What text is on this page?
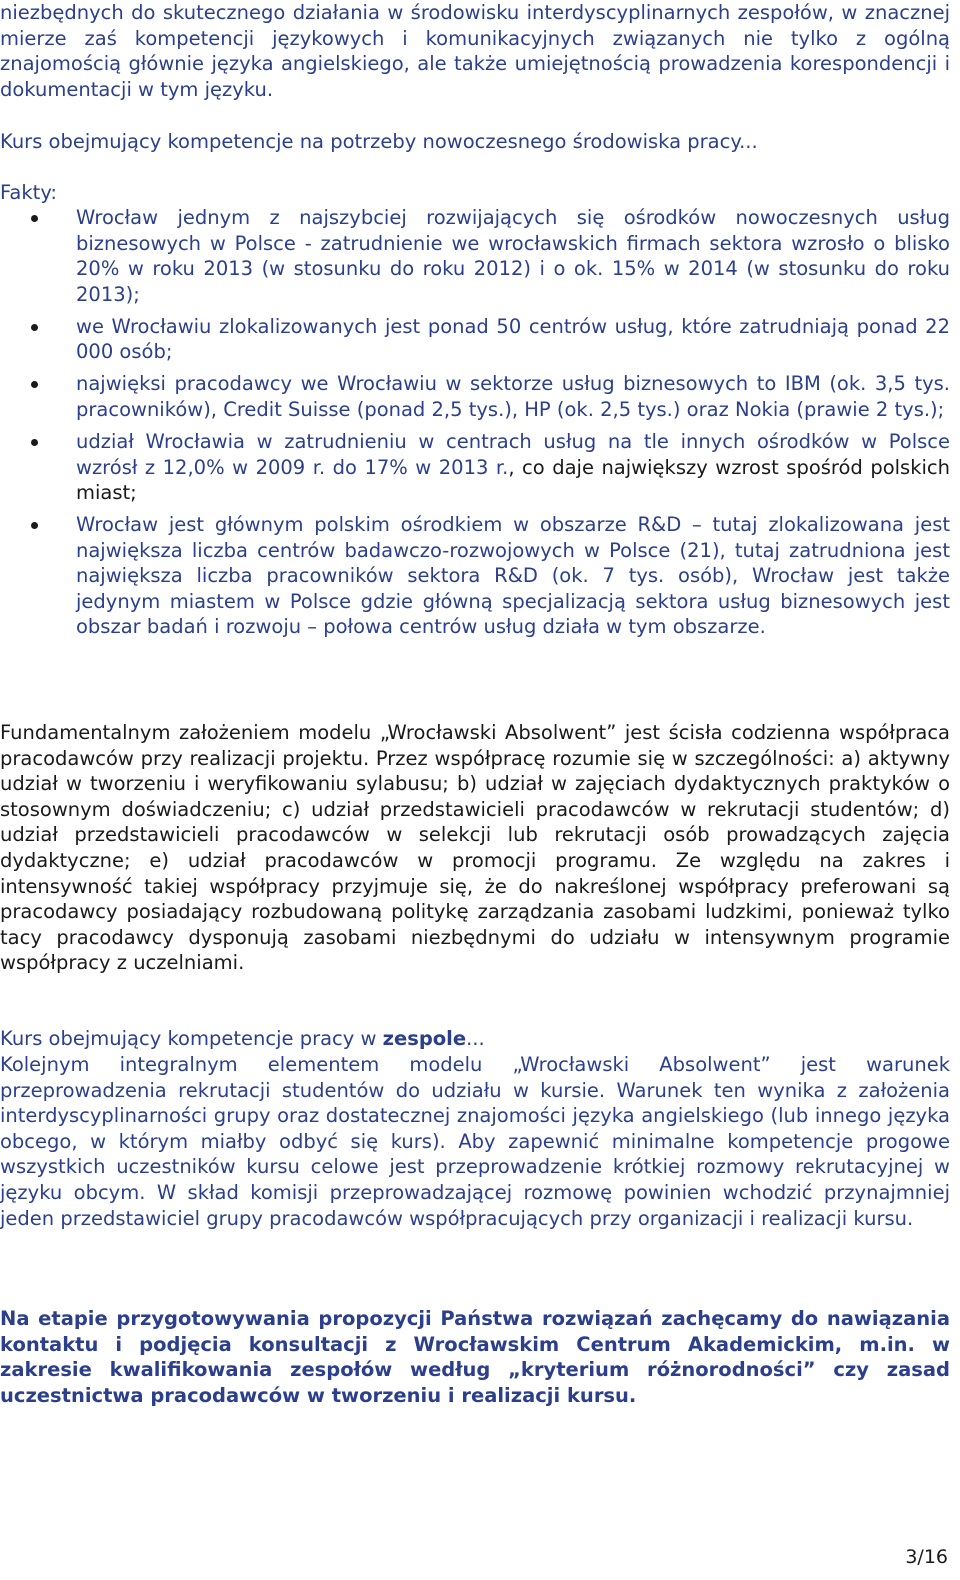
niezbędnych do skutecznego działania w środowisku interdyscyplinarnych zespołów, w znacznej mierze zaś kompetencji językowych i komunikacyjnych związanych nie tylko z ogólną znajomością głównie języka angielskiego, ale także umiejętnością prowadzenia korespondencji i dokumentacji w tym języku.

Kurs obejmujący kompetencje na potrzeby nowoczesnego środowiska pracy...

Fakty:

Wrocław jednym z najszybciej rozwijających się ośrodków nowoczesnych usług biznesowych w Polsce - zatrudnienie we wrocławskich firmach sektora wzrosło o blisko 20% w roku 2013 (w stosunku do roku 2012) i o ok. 15% w 2014 (w stosunku do roku 2013);
we Wrocławiu zlokalizowanych jest ponad 50 centrów usług, które zatrudniają ponad 22 000 osób;
najwięksi pracodawcy we Wrocławiu w sektorze usług biznesowych to IBM (ok. 3,5 tys. pracowników), Credit Suisse (ponad 2,5 tys.), HP (ok. 2,5 tys.) oraz Nokia (prawie 2 tys.);
udział Wrocławia w zatrudnieniu w centrach usług na tle innych ośrodków w Polsce wzrósł z 12,0% w 2009 r. do 17% w 2013 r., co daje największy wzrost spośród polskich miast;
Wrocław jest głównym polskim ośrodkiem w obszarze R&D – tutaj zlokalizowana jest największa liczba centrów badawczo-rozwojowych w Polsce (21), tutaj zatrudniona jest największa liczba pracowników sektora R&D (ok. 7 tys. osób), Wrocław jest także jedynym miastem w Polsce gdzie główną specjalizacją sektora usług biznesowych jest obszar badań i rozwoju – połowa centrów usług działa w tym obszarze.

Fundamentalnym założeniem modelu „Wrocławski Absolwent” jest ścisła codzienna współpraca pracodawców przy realizacji projektu. Przez współpracę rozumie się w szczególności: a) aktywny udział w tworzeniu i weryfikowaniu sylabusu; b) udział w zajęciach dydaktycznych praktyków o stosownym doświadczeniu; c) udział przedstawicieli pracodawców w rekrutacji studentów; d) udział przedstawicieli pracodawców w selekcji lub rekrutacji osób prowadzących zajęcia dydaktyczne; e) udział pracodawców w promocji programu. Ze względu na zakres i intensywność takiej współpracy przyjmuje się, że do nakreślonej współpracy preferowani są pracodawcy posiadający rozbudowaną politykę zarządzania zasobami ludzkimi, ponieważ tylko tacy pracodawcy dysponują zasobami niezbędnymi do udziału w intensywnym programie współpracy z uczelniami.

Kurs obejmujący kompetencje pracy w zespole...

Kolejnym integralnym elementem modelu „Wrocławski Absolwent” jest warunek przeprowadzenia rekrutacji studentów do udziału w kursie. Warunek ten wynika z założenia interdyscyplinarności grupy oraz dostatecznej znajomości języka angielskiego (lub innego języka obcego, w którym miałby odbyć się kurs). Aby zapewnić minimalne kompetencje progowe wszystkich uczestników kursu celowe jest przeprowadzenie krótkiej rozmowy rekrutacyjnej w języku obcym. W skład komisji przeprowadzającej rozmowę powinien wchodzić przynajmniej jeden przedstawiciel grupy pracodawców współpracujących przy organizacji i realizacji kursu.

Na etapie przygotowywania propozycji Państwa rozwiązań zachęcamy do nawiązania kontaktu i podjęcia konsultacji z Wrocławskim Centrum Akademickim, m.in. w zakresie kwalifikowania zespołów według „kryterium różnorodności” czy zasad uczestnictwa pracodawców w tworzeniu i realizacji kursu.

3/16
